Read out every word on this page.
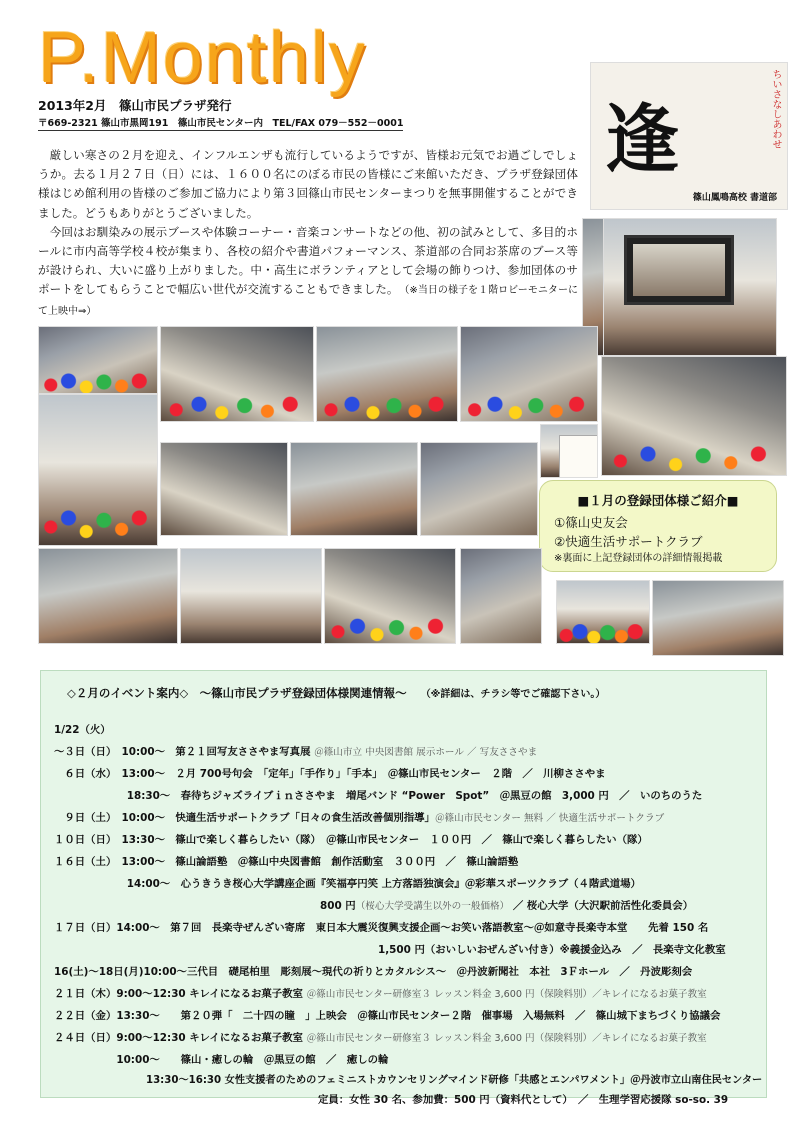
P.Monthly
2013年2月　篠山市民プラザ発行
〒669-2321 篠山市黒岡191　篠山市民センター内　TEL/FAX 079－552－0001

厳しい寒さの２月を迎え、インフルエンザも流行しているようですが、皆様お元気でお過ごしでしょうか。去る１月２７日（日）には、１６００名にのぼる市民の皆様にご来館いただき、プラザ登録団体様はじめ館利用の皆様のご参加ご協力により第３回篠山市民センターまつりを無事開催することができました。どうもありがとうございました。

今回はお馴染みの展示ブースや体験コーナー・音楽コンサートなどの他、初の試みとして、多目的ホールに市内高等学校４校が集まり、各校の紹介や書道パフォーマンス、茶道部の合同お茶席のブース等が設けられ、大いに盛り上がりました。中・高生にボランティアとして会場の飾りつけ、参加団体のサポートをしてもらうことで幅広い世代が交流することもできました。　 （※当日の様子を１階ロビーモニターにて上映中⇒）

逢	ちいさなしあわせ
篠山鳳鳴高校 書道部
■１月の登録団体様ご紹介■
①篠山史友会
②快適生活サポートクラブ
※裏面に上記登録団体の詳細情報掲載
◇２月のイベント案内◇　～篠山市民プラザ登録団体様関連情報～ （※詳細は、チラシ等でご確認下さい。）
1/22（火）
～３日（日）　10:00～　第２１回写友ささやま写真展 ＠篠山市立 中央図書館 展示ホール ／ 写友ささやま
　６日（水）　13:00～　２月 700号句会　「定年」「手作り」「手本」　＠篠山市民センター　２階　／　川柳ささやま
　　　　　　　18:30～　春待ちジャズライブｉｎささやま　増尾バンド “Power　Spot”　＠黒豆の館　3,000 円　／　いのちのうた
　９日（土）　10:00～　快適生活サポートクラブ「日々の食生活改善個別指導」＠篠山市民センター 無料 ／ 快適生活サポートクラブ
１０日（日）　13:30～　篠山で楽しく暮らしたい（隊）　＠篠山市民センター　１００円　／　篠山で楽しく暮らしたい（隊）
１６日（土）　13:00～　篠山論語塾　＠篠山中央図書館　創作活動室　３００円　／　篠山論語塾
　　　　　　　14:00～　心うきうき桜心大学講座企画『笑福亭円笑 上方落語独演会』＠彩華スポーツクラブ（４階武道場）
800 円（桜心大学受講生以外の一般価格） ／ 桜心大学（大沢駅前活性化委員会）
１７日（日）14:00～　第７回　長楽寺ぜんざい寄席　東日本大震災復興支援企画～お笑い落語教室～＠如意寺長楽寺本堂　　先着 150 名
1,500 円（おいしいおぜんざい付き）※義援金込み　／　長楽寺文化教室
16(土)～18日(月)10:00～三代目　礎尾柏里　彫刻展～現代の祈りとカタルシス～　＠丹波新聞社　本社　3Ｆホール　／　丹波彫刻会
２１日（木）9:00～12:30 キレイになるお菓子教室 ＠篠山市民センター研修室３ レッスン料金 3,600 円（保険料別）／キレイになるお菓子教室
２２日（金）13:30～　　第２０弾「　二十四の瞳　」上映会　＠篠山市民センター２階　催事場　入場無料　／　篠山城下まちづくり協議会
２４日（日）9:00～12:30 キレイになるお菓子教室 ＠篠山市民センター研修室３ レッスン料金 3,600 円（保険料別）／キレイになるお菓子教室
　　　　　　10:00～　　篠山・癒しの輪　＠黒豆の館　／　癒しの輪
13:30～16:30 女性支援者のためのフェミニストカウンセリングマインド研修「共感とエンパワメント」＠丹波市立山南住民センター
定員：女性 30 名、参加費：500 円（資料代として）　／　生理学習応援隊 so-so. 39
